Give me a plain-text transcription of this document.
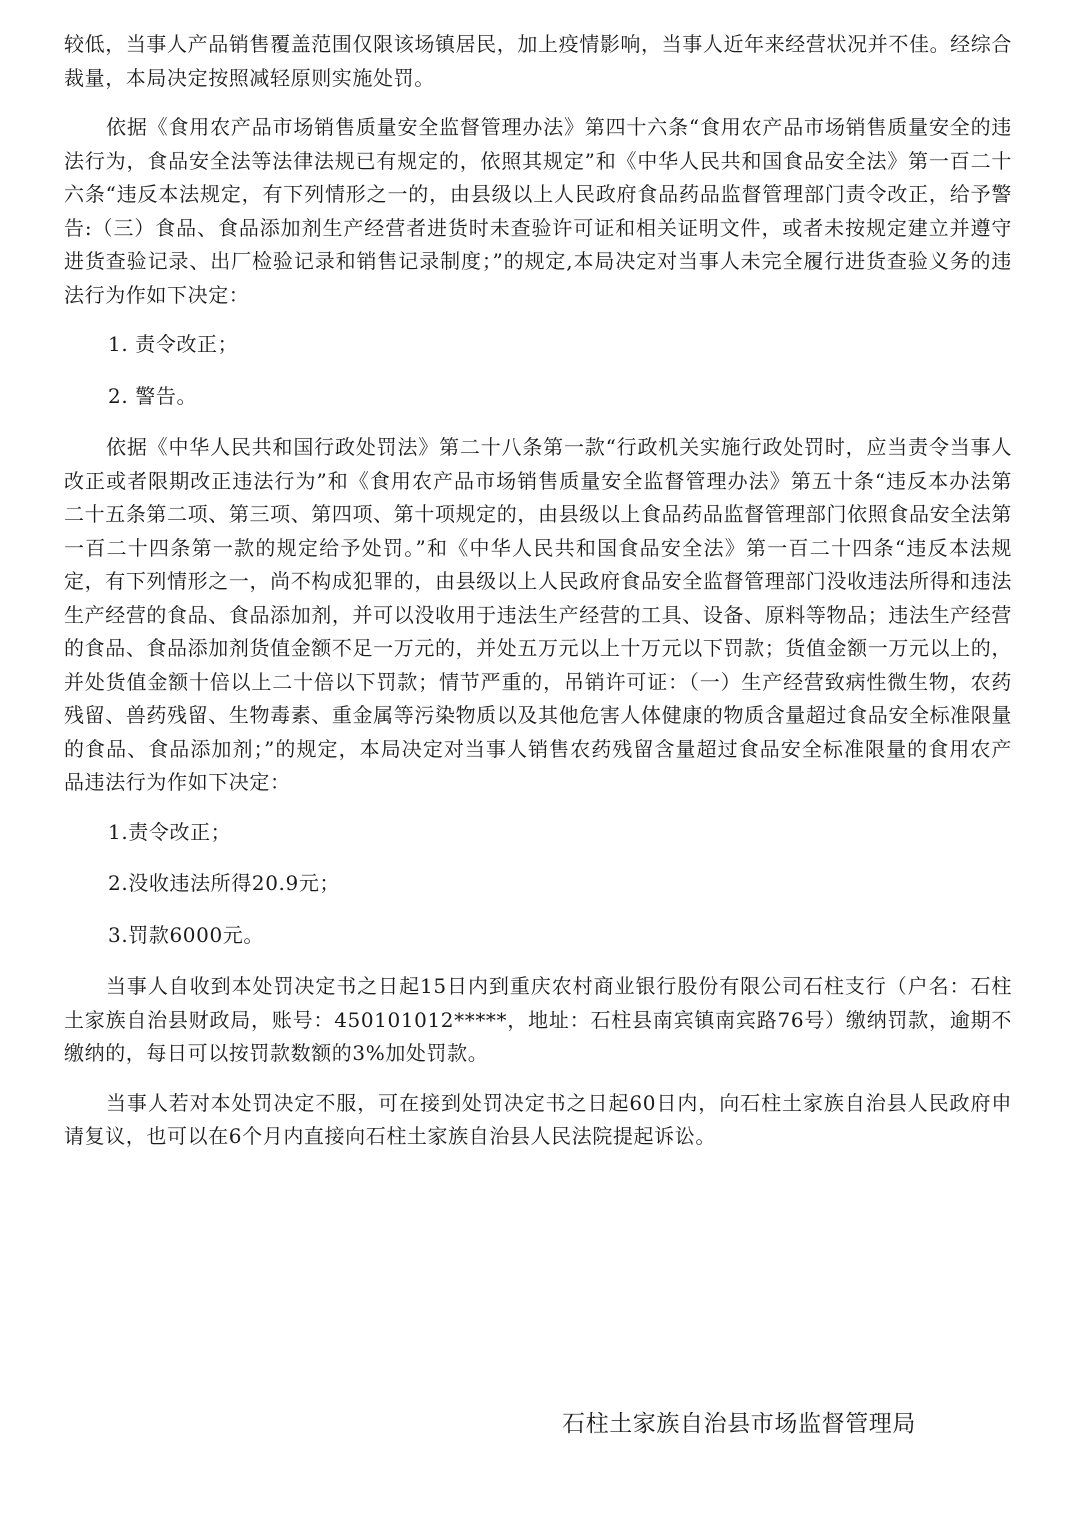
较低，当事人产品销售覆盖范围仅限该场镇居民，加上疫情影响，当事人近年来经营状况并不佳。经综合裁量，本局决定按照减轻原则实施处罚。

依据《食用农产品市场销售质量安全监督管理办法》第四十六条“食用农产品市场销售质量安全的违法行为，食品安全法等法律法规已有规定的，依照其规定”和《中华人民共和国食品安全法》第一百二十六条“违反本法规定，有下列情形之一的，由县级以上人民政府食品药品监督管理部门责令改正，给予警告:（三）食品、食品添加剂生产经营者进货时未查验许可证和相关证明文件，或者未按规定建立并遵守进货查验记录、出厂检验记录和销售记录制度；”的规定,本局决定对当事人未完全履行进货查验义务的违法行为作如下决定：

1. 责令改正；

2. 警告。

依据《中华人民共和国行政处罚法》第二十八条第一款“行政机关实施行政处罚时，应当责令当事人改正或者限期改正违法行为”和《食用农产品市场销售质量安全监督管理办法》第五十条“违反本办法第二十五条第二项、第三项、第四项、第十项规定的，由县级以上食品药品监督管理部门依照食品安全法第一百二十四条第一款的规定给予处罚。”和《中华人民共和国食品安全法》第一百二十四条“违反本法规定，有下列情形之一，尚不构成犯罪的，由县级以上人民政府食品安全监督管理部门没收违法所得和违法生产经营的食品、食品添加剂，并可以没收用于违法生产经营的工具、设备、原料等物品；违法生产经营的食品、食品添加剂货值金额不足一万元的，并处五万元以上十万元以下罚款；货值金额一万元以上的，并处货值金额十倍以上二十倍以下罚款；情节严重的，吊销许可证：（一）生产经营致病性微生物，农药残留、兽药残留、生物毒素、重金属等污染物质以及其他危害人体健康的物质含量超过食品安全标准限量的食品、食品添加剂；”的规定，本局决定对当事人销售农药残留含量超过食品安全标准限量的食用农产品违法行为作如下决定：

1.责令改正；

2.没收违法所得20.9元；

3.罚款6000元。

当事人自收到本处罚决定书之日起15日内到重庆农村商业银行股份有限公司石柱支行（户名：石柱土家族自治县财政局，账号：450101012*****，地址：石柱县南宾镇南宾路76号）缴纳罚款，逾期不缴纳的，每日可以按罚款数额的3%加处罚款。

当事人若对本处罚决定不服，可在接到处罚决定书之日起60日内，向石柱土家族自治县人民政府申请复议，也可以在6个月内直接向石柱土家族自治县人民法院提起诉讼。

石柱土家族自治县市场监督管理局
